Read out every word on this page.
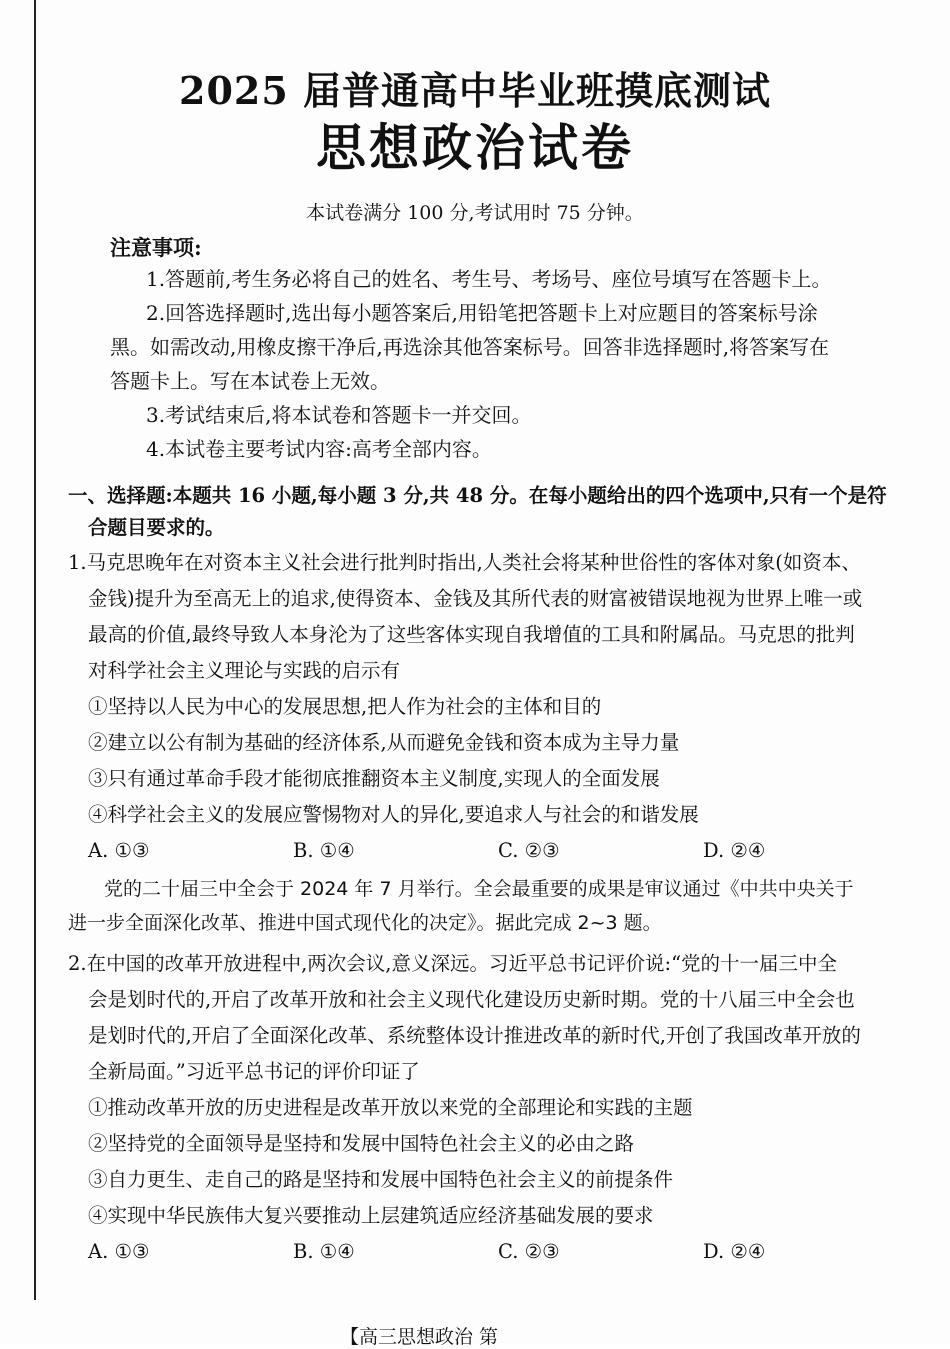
2025 届普通高中毕业班摸底测试
思想政治试卷
本试卷满分 100 分,考试用时 75 分钟。
注意事项:
1.答题前,考生务必将自己的姓名、考生号、考场号、座位号填写在答题卡上。
2.回答选择题时,选出每小题答案后,用铅笔把答题卡上对应题目的答案标号涂
黑。如需改动,用橡皮擦干净后,再选涂其他答案标号。回答非选择题时,将答案写在
答题卡上。写在本试卷上无效。
3.考试结束后,将本试卷和答题卡一并交回。
4.本试卷主要考试内容:高考全部内容。
一、选择题:本题共 16 小题,每小题 3 分,共 48 分。在每小题给出的四个选项中,只有一个是符
合题目要求的。
1.马克思晚年在对资本主义社会进行批判时指出,人类社会将某种世俗性的客体对象(如资本、
金钱)提升为至高无上的追求,使得资本、金钱及其所代表的财富被错误地视为世界上唯一或
最高的价值,最终导致人本身沦为了这些客体实现自我增值的工具和附属品。马克思的批判
对科学社会主义理论与实践的启示有
①坚持以人民为中心的发展思想,把人作为社会的主体和目的
②建立以公有制为基础的经济体系,从而避免金钱和资本成为主导力量
③只有通过革命手段才能彻底推翻资本主义制度,实现人的全面发展
④科学社会主义的发展应警惕物对人的异化,要追求人与社会的和谐发展
A. ①③	B. ①④	C. ②③	D. ②④
党的二十届三中全会于 2024 年 7 月举行。全会最重要的成果是审议通过《中共中央关于
进一步全面深化改革、推进中国式现代化的决定》。据此完成 2~3 题。
2.在中国的改革开放进程中,两次会议,意义深远。习近平总书记评价说:“党的十一届三中全
会是划时代的,开启了改革开放和社会主义现代化建设历史新时期。党的十八届三中全会也
是划时代的,开启了全面深化改革、系统整体设计推进改革的新时代,开创了我国改革开放的
全新局面。”习近平总书记的评价印证了
①推动改革开放的历史进程是改革开放以来党的全部理论和实践的主题
②坚持党的全面领导是坚持和发展中国特色社会主义的必由之路
③自力更生、走自己的路是坚持和发展中国特色社会主义的前提条件
④实现中华民族伟大复兴要推动上层建筑适应经济基础发展的要求
A. ①③	B. ①④	C. ②③	D. ②④
【高三思想政治 第
